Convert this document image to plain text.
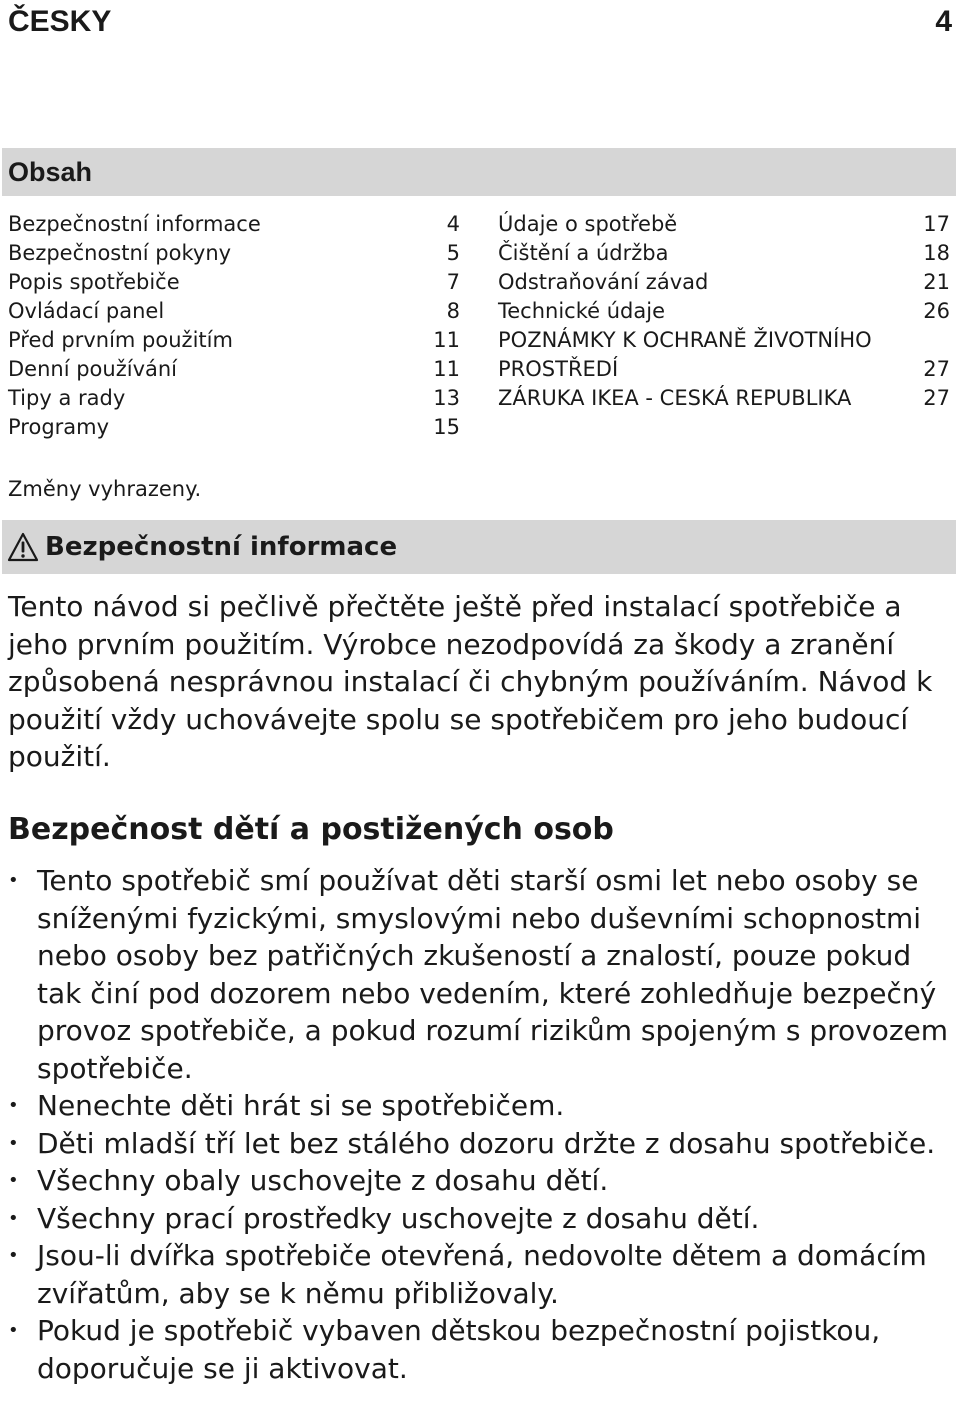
ČESKY	4
Obsah
Bezpečnostní informace	4
Bezpečnostní pokyny	5
Popis spotřebiče	7
Ovládací panel	8
Před prvním použitím	11
Denní používání	11
Tipy a rady	13
Programy	15
Údaje o spotřebě	17
Čištění a údržba	18
Odstraňování závad	21
Technické údaje	26
POZNÁMKY K OCHRANĚ ŽIVOTNÍHO
PROSTŘEDÍ	27
ZÁRUKA IKEA - CESKÁ REPUBLIKA	27
Změny vyhrazeny.
Bezpečnostní informace
Tento návod si pečlivě přečtěte ještě před instalací spotřebiče a jeho prvním použitím. Výrobce nezodpovídá za škody a zranění způsobená nesprávnou instalací či chybným používáním. Návod k použití vždy uchovávejte spolu se spotřebičem pro jeho budoucí použití.
Bezpečnost dětí a postižených osob
• Tento spotřebič smí používat děti starší osmi let nebo osoby se sníženými fyzickými, smyslovými nebo duševními schopnostmi nebo osoby bez patřičných zkušeností a znalostí, pouze pokud tak činí pod dozorem nebo vedením, které zohledňuje bezpečný provoz spotřebiče, a pokud rozumí rizikům spojeným s provozem spotřebiče.
• Nenechte děti hrát si se spotřebičem.
• Děti mladší tří let bez stálého dozoru držte z dosahu spotřebiče.
• Všechny obaly uschovejte z dosahu dětí.
• Všechny prací prostředky uschovejte z dosahu dětí.
• Jsou-li dvířka spotřebiče otevřená, nedovolte dětem a domácím zvířatům, aby se k němu přibližovaly.
• Pokud je spotřebič vybaven dětskou bezpečnostní pojistkou, doporučuje se ji aktivovat.
